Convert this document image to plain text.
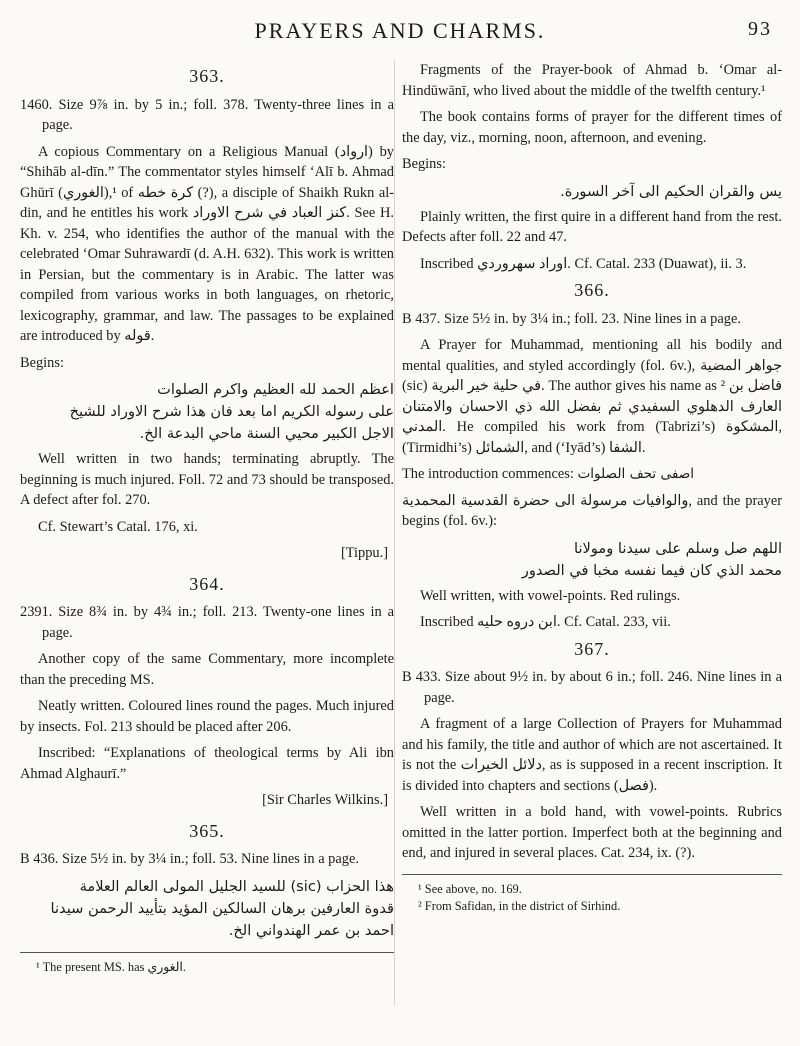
PRAYERS AND CHARMS.	93
363.

1460. Size 9⅞ in. by 5 in.; foll. 378. Twenty-three lines in a page.

A copious Commentary on a Religious Manual (ارواد) by “Shihāb al-dīn.” The commentator styles himself ‘Alī b. Ahmad Ghūrī (الغوري),¹ of كرة خطه (?), a disciple of Shaikh Rukn al-din, and he entitles his work كنز العباد في شرح الاوراد. See H. Kh. v. 254, who identifies the author of the manual with the celebrated ‘Omar Suhrawardī (d. A.H. 632). This work is written in Persian, but the commentary is in Arabic. The latter was compiled from various works in both languages, on rhetoric, lexicography, grammar, and law. The passages to be explained are introduced by قوله.

Begins:

اعظم الحمد لله العظيم واكرم الصلوات
على رسوله الكريم اما بعد فان هذا شرح الاوراد للشيخ
الاجل الكبير محيي السنة ماحي البدعة الخ.

Well written in two hands; terminating abruptly. The beginning is much injured. Foll. 72 and 73 should be transposed. A defect after fol. 270.

Cf. Stewart’s Catal. 176, xi.

[Tippu.]

364.

2391. Size 8¾ in. by 4¾ in.; foll. 213. Twenty-one lines in a page.

Another copy of the same Commentary, more incomplete than the preceding MS.

Neatly written. Coloured lines round the pages. Much injured by insects. Fol. 213 should be placed after 206.

Inscribed: “Explanations of theological terms by Ali ibn Ahmad Alghaurī.”

[Sir Charles Wilkins.]

365.

B 436. Size 5½ in. by 3¼ in.; foll. 53. Nine lines in a page.

هذا الحزاب (sic) للسيد الجليل المولى العالم العلامة
قدوة العارفين برهان السالكين المؤيد بتأييد الرحمن سيدنا
احمد بن عمر الهندواني الخ.
¹ The present MS. has الغوري.

Fragments of the Prayer-book of Ahmad b. ‘Omar al-Hindūwānī, who lived about the middle of the twelfth century.¹

The book contains forms of prayer for the different times of the day, viz., morning, noon, afternoon, and evening.

Begins:

يس والقران الحكيم الى آخر السورة.

Plainly written, the first quire in a different hand from the rest. Defects after foll. 22 and 47.

Inscribed اوراد سهروردي. Cf. Catal. 233 (Duawat), ii. 3.

366.

B 437. Size 5½ in. by 3¼ in.; foll. 23. Nine lines in a page.

A Prayer for Muhammad, mentioning all his bodily and mental qualities, and styled accordingly (fol. 6v.), جواهر المضية (sic) في حلية خير البرية. The author gives his name as ² فاضل بن العارف الدهلوي السفيدي ثم بفضل الله ذي الاحسان والامتنان المدني. He compiled his work from (Tabrizi’s) المشكوة, (Tirmidhi’s) الشمائل, and (‘Iyād’s) الشفا.

The introduction commences: اصفى تحف الصلوات

والوافيات مرسولة الى حضرة القدسية المحمدية, and the prayer begins (fol. 6v.):

اللهم صل وسلم على سيدنا ومولانا
محمد الذي كان فيما نفسه مخبا في الصدور

Well written, with vowel-points. Red rulings.

Inscribed ابن دروه حليه. Cf. Catal. 233, vii.

367.

B 433. Size about 9½ in. by about 6 in.; foll. 246. Nine lines in a page.

A fragment of a large Collection of Prayers for Muhammad and his family, the title and author of which are not ascertained. It is not the دلائل الخيرات, as is supposed in a recent inscription. It is divided into chapters and sections (فصل).

Well written in a bold hand, with vowel-points. Rubrics omitted in the latter portion. Imperfect both at the beginning and end, and injured in several places. Cat. 234, ix. (?).

¹ See above, no. 169.
² From Safidan, in the district of Sirhind.
